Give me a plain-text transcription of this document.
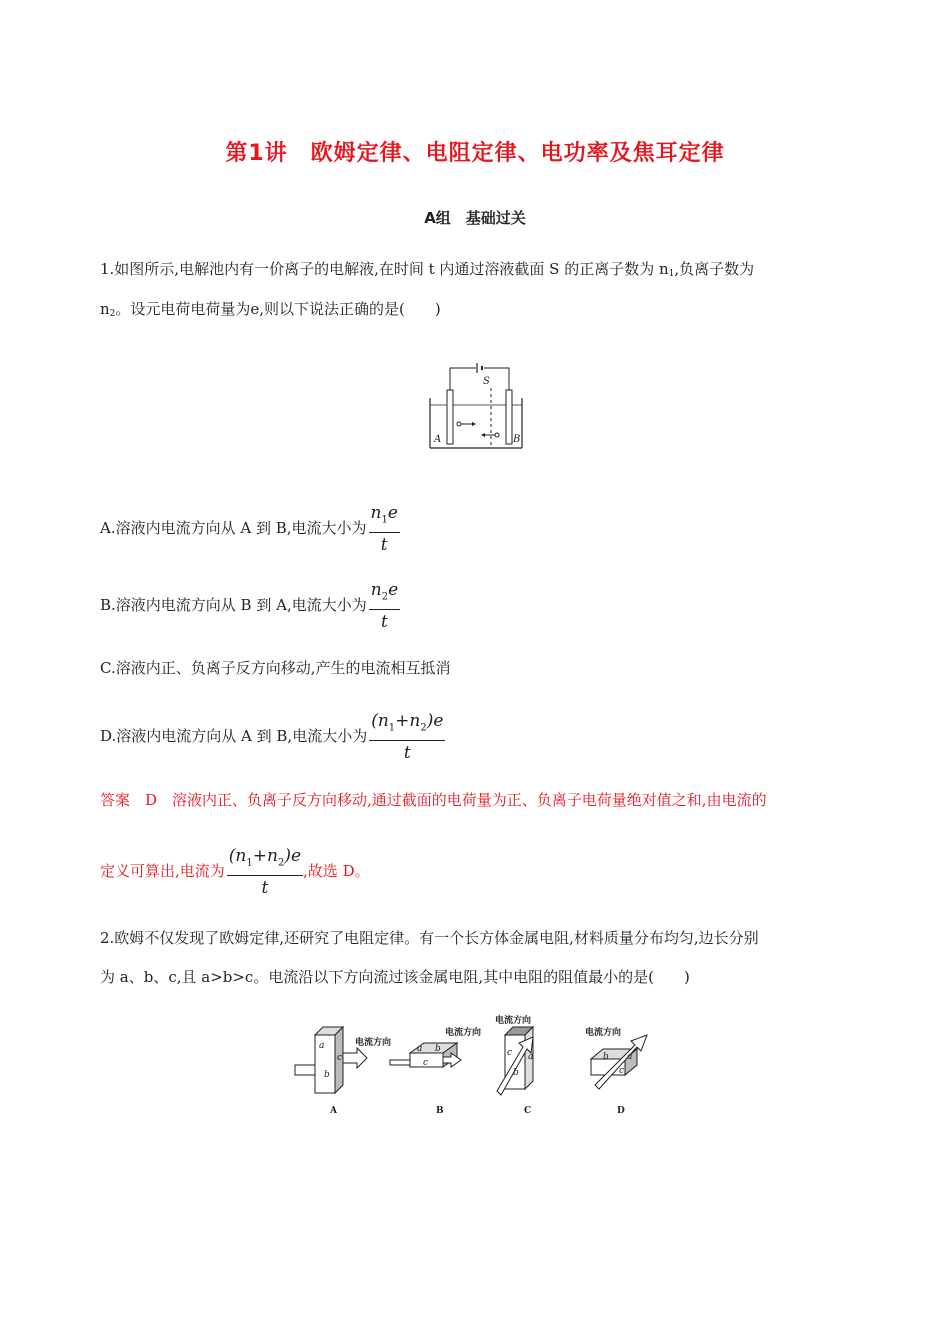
第1讲　欧姆定律、电阻定律、电功率及焦耳定律
A组　基础过关
1.如图所示,电解池内有一价离子的电解液,在时间 t 内通过溶液截面 S 的正离子数为 $n_1$,负离子数为
$n_2$。设元电荷电荷量为e,则以下说法正确的是(　　)
A	B
S
A.溶液内电流方向从 A 到 B,电流大小为 $\frac{n_1e}{t}$
B.溶液内电流方向从 B 到 A,电流大小为 $\frac{n_2e}{t}$
C.溶液内正、负离子反方向移动,产生的电流相互抵消
D.溶液内电流方向从 A 到 B,电流大小为 $\frac{(n_1+n_2)e}{t}$
答案　D　溶液内正、负离子反方向移动,通过截面的电荷量为正、负离子电荷量绝对值之和,由电流的
定义可算出,电流为 $\frac{(n_1+n_2)e}{t}$ ,故选 D。
2.欧姆不仅发现了欧姆定律,还研究了电阻定律。有一个长方体金属电阻,材料质量分布均匀,边长分别
为 a、b、c,且 a>b>c。电流沿以下方向流过该金属电阻,其中电阻的阻值最小的是(　　)
a
b
c
电流方向
A
a b
c
电流方向
B
c a
b
电流方向
C
b a
c
电流方向
D
